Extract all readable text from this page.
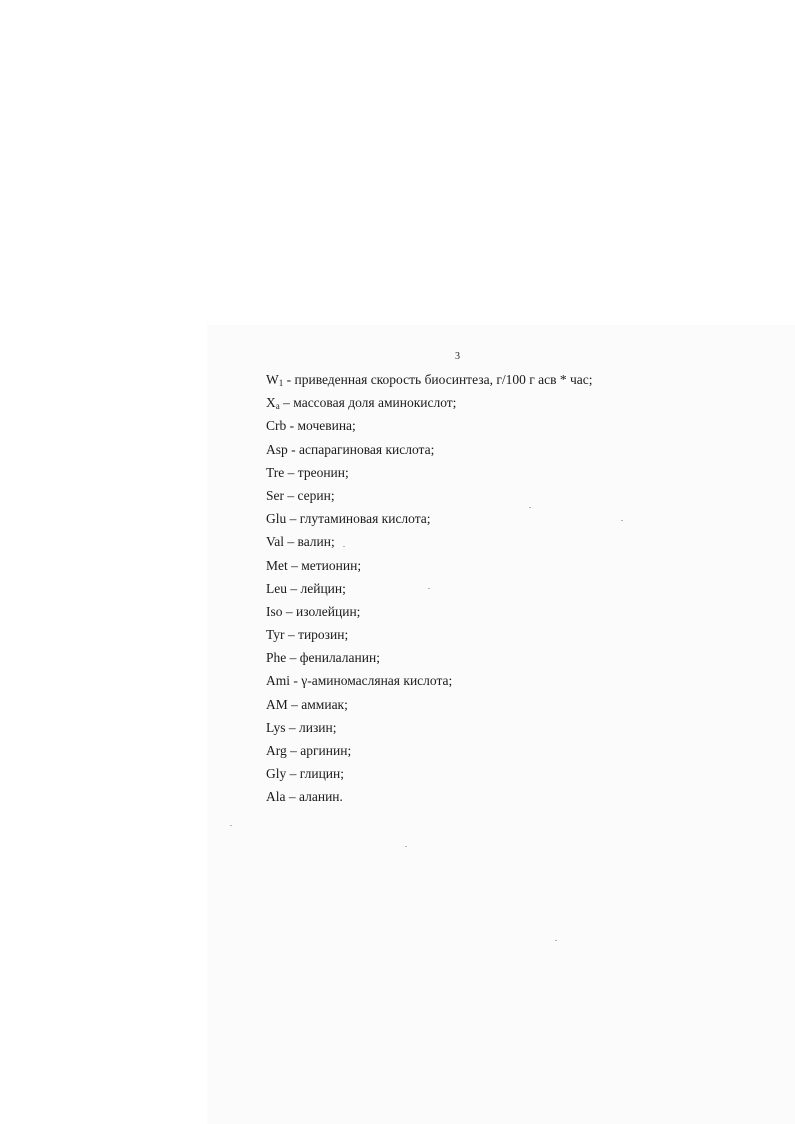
3
$W_1$ - приведенная скорость биосинтеза, г/100 г асв * час;
$X_a$ – массовая доля аминокислот;
Crb - мочевина;
Asp - аспарагиновая кислота;
Tre – треонин;
Ser – серин;
Glu – глутаминовая кислота;
Val – валин;
Met – метионин;
Leu – лейцин;
Iso – изолейцин;
Tyr – тирозин;
Phe – фенилаланин;
Ami - γ-аминомасляная кислота;
AM – аммиак;
Lys – лизин;
Arg – аргинин;
Gly – глицин;
Ala – аланин.
